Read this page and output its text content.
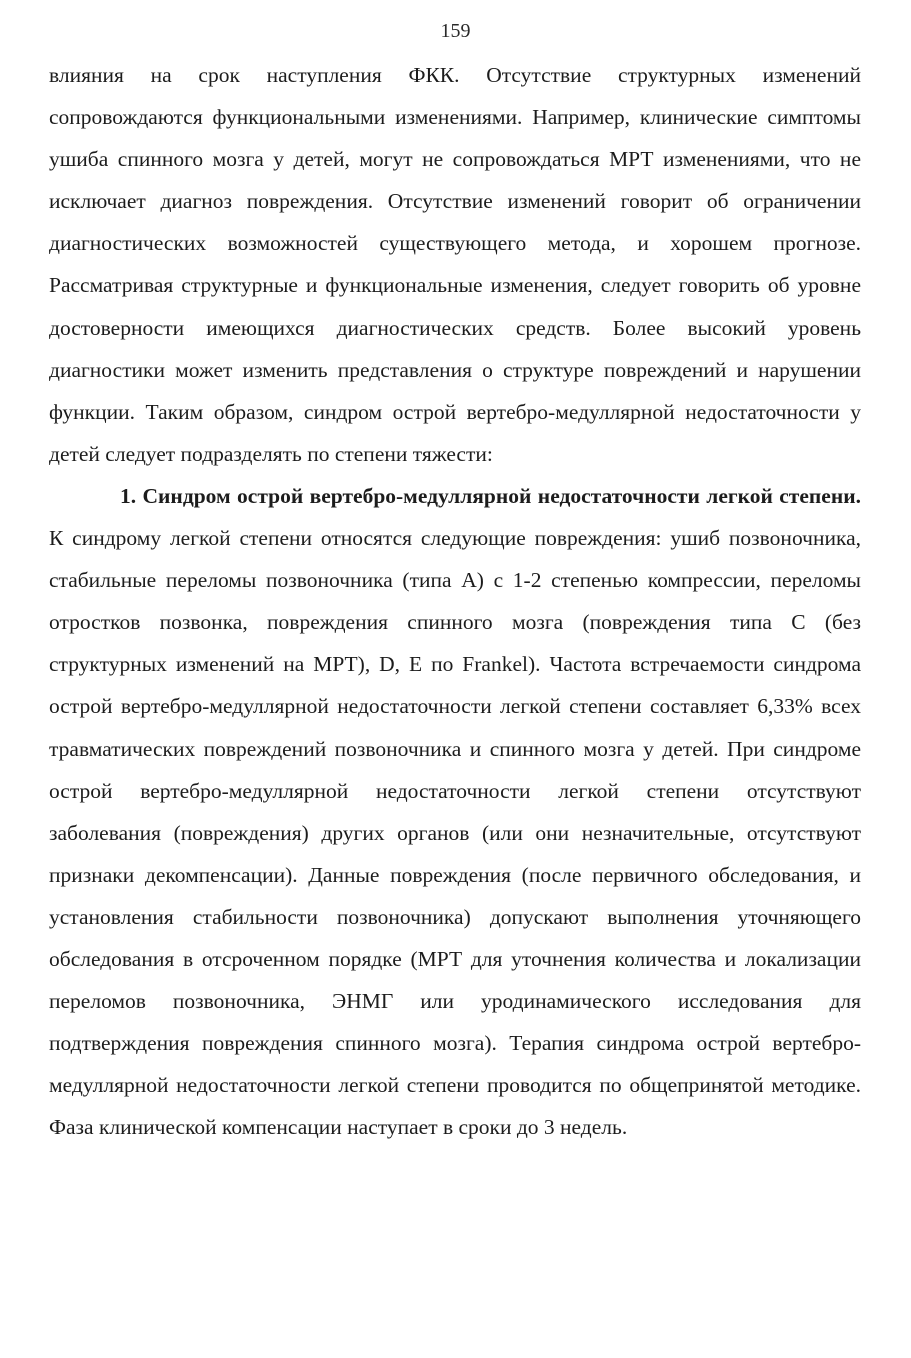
159

влияния на срок наступления ФКК. Отсутствие структурных изменений сопровождаются функциональными изменениями. Например, клинические симптомы ушиба спинного мозга у детей, могут не сопровождаться МРТ изменениями, что не исключает диагноз повреждения. Отсутствие изменений говорит об ограничении диагностических возможностей существующего метода, и хорошем прогнозе. Рассматривая структурные и функциональные изменения, следует говорить об уровне достоверности имеющихся диагностических средств. Более высокий уровень диагностики может изменить представления о структуре повреждений и нарушении функции. Таким образом, синдром острой вертебро-медуллярной недостаточности у детей следует подразделять по степени тяжести:

1. Синдром острой вертебро-медуллярной недостаточности легкой степени. К синдрому легкой степени относятся следующие повреждения: ушиб позвоночника, стабильные переломы позвоночника (типа А) с 1-2 степенью компрессии, переломы отростков позвонка, повреждения спинного мозга (повреждения типа С (без структурных изменений на МРТ), D, E по Frankel). Частота встречаемости синдрома острой вертебро-медуллярной недостаточности легкой степени составляет 6,33% всех травматических повреждений позвоночника и спинного мозга у детей. При синдроме острой вертебро-медуллярной недостаточности легкой степени отсутствуют заболевания (повреждения) других органов (или они незначительные, отсутствуют признаки декомпенсации). Данные повреждения (после первичного обследования, и установления стабильности позвоночника) допускают выполнения уточняющего обследования в отсроченном порядке (МРТ для уточнения количества и локализации переломов позвоночника, ЭНМГ или уродинамического исследования для подтверждения повреждения спинного мозга). Терапия синдрома острой вертебро-медуллярной недостаточности легкой степени проводится по общепринятой методике. Фаза клинической компенсации наступает в сроки до 3 недель.
